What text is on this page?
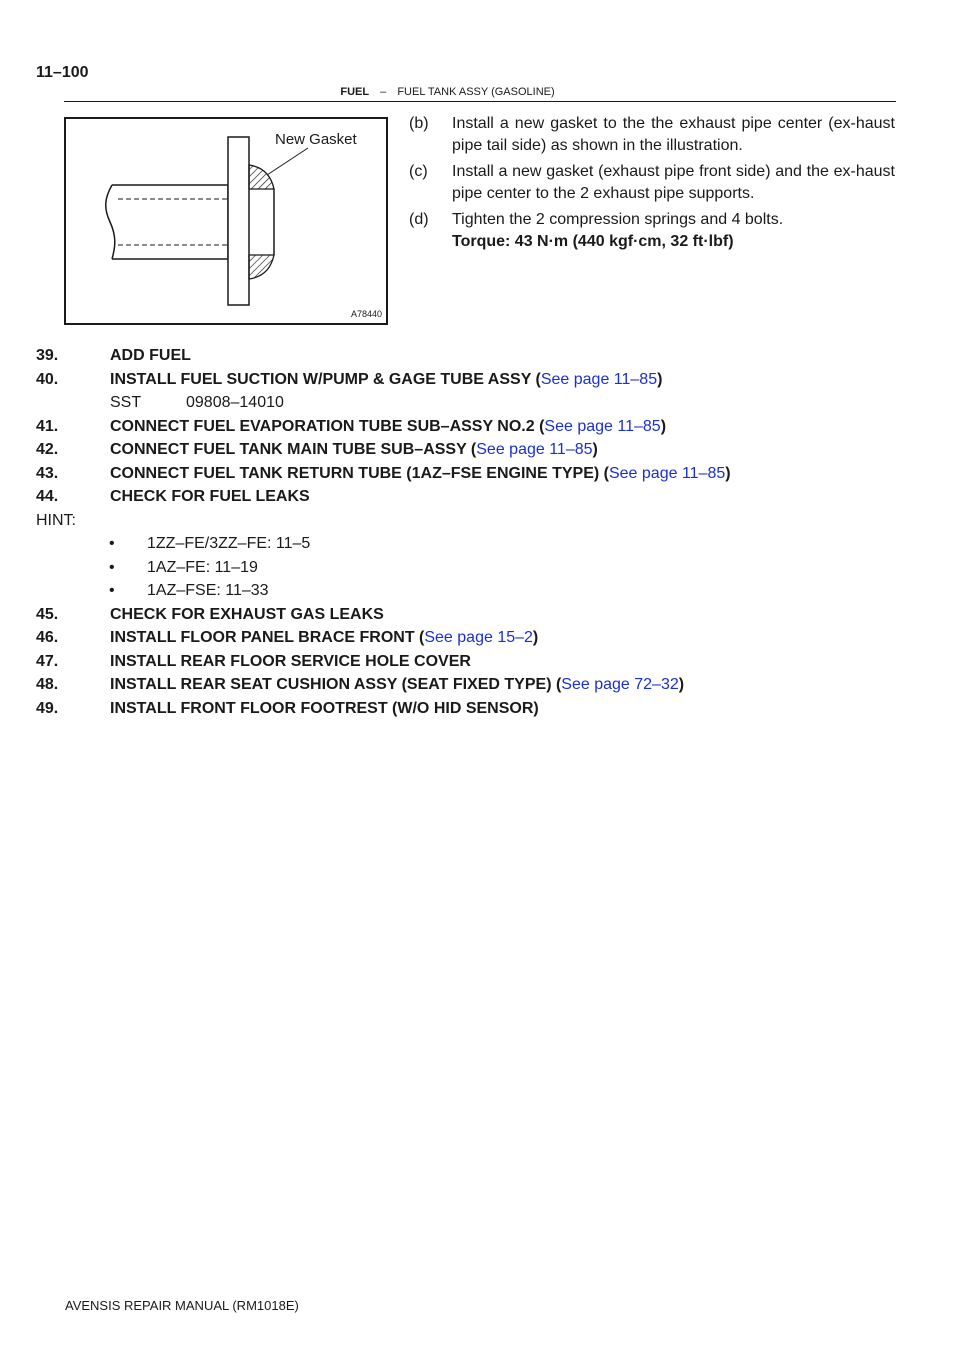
11–100
FUEL – FUEL TANK ASSY (GASOLINE)
New Gasket
A78440
(b)	Install a new gasket to the the exhaust pipe center (ex-haust pipe tail side) as shown in the illustration.
(c)	Install a new gasket (exhaust pipe front side) and the ex-haust pipe center to the 2 exhaust pipe supports.
(d)	Tighten the 2 compression springs and 4 bolts.
Torque: 43 N·m (440 kgf·cm, 32 ft·lbf)
39.	ADD FUEL
40.	INSTALL FUEL SUCTION W/PUMP & GAGE TUBE ASSY (See page 11–85)
SST	09808–14010
41.	CONNECT FUEL EVAPORATION TUBE SUB–ASSY NO.2 (See page 11–85)
42.	CONNECT FUEL TANK MAIN TUBE SUB–ASSY (See page 11–85)
43.	CONNECT FUEL TANK RETURN TUBE (1AZ–FSE ENGINE TYPE) (See page 11–85)
44.	CHECK FOR FUEL LEAKS
HINT:
• 1ZZ–FE/3ZZ–FE: 11–5
• 1AZ–FE: 11–19
• 1AZ–FSE: 11–33
45.	CHECK FOR EXHAUST GAS LEAKS
46.	INSTALL FLOOR PANEL BRACE FRONT (See page 15–2)
47.	INSTALL REAR FLOOR SERVICE HOLE COVER
48.	INSTALL REAR SEAT CUSHION ASSY (SEAT FIXED TYPE) (See page 72–32)
49.	INSTALL FRONT FLOOR FOOTREST (W/O HID SENSOR)
AVENSIS REPAIR MANUAL (RM1018E)
